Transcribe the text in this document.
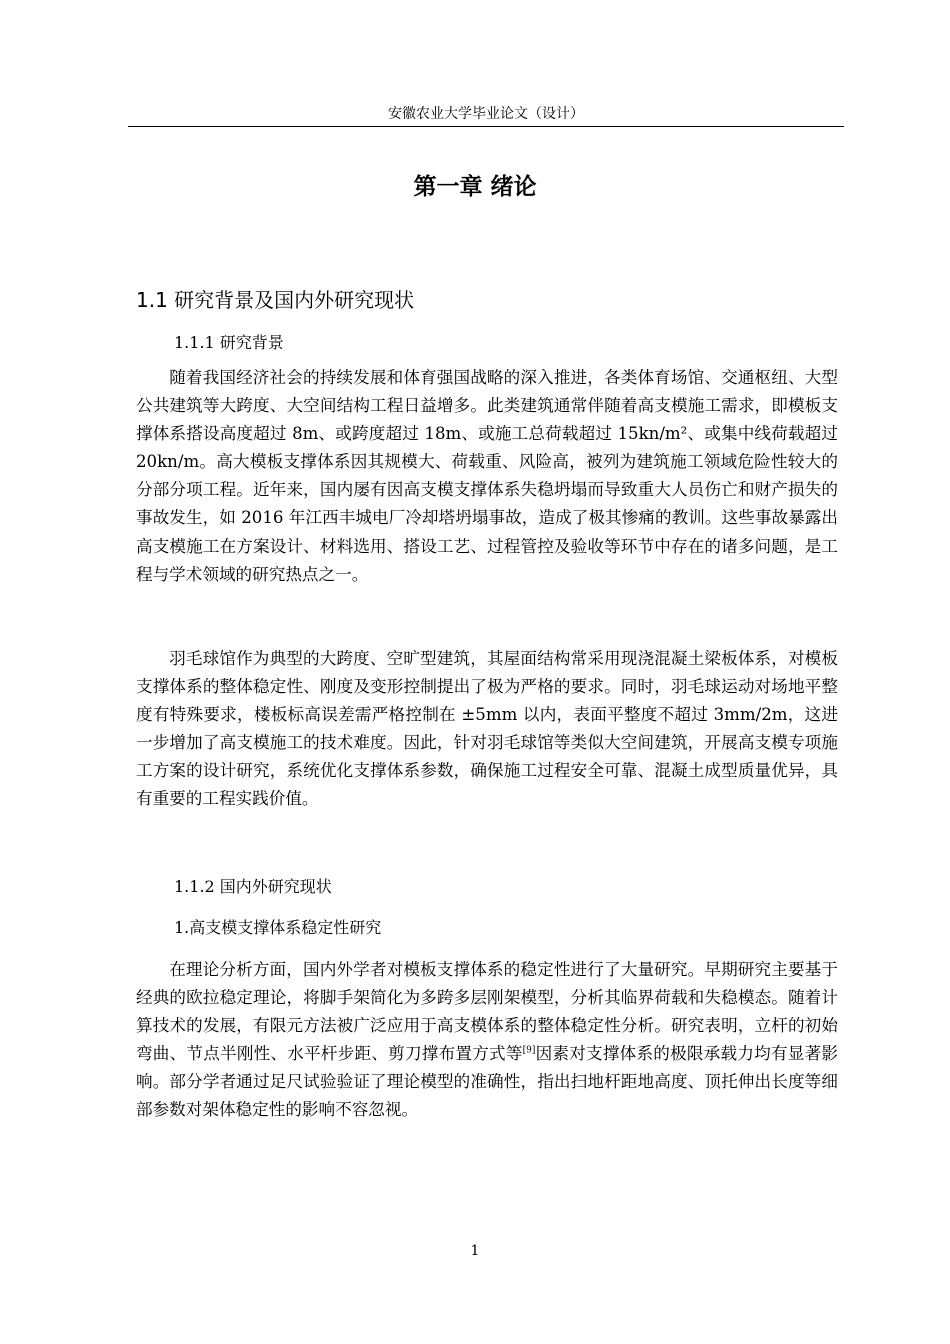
安徽农业大学毕业论文（设计）
第一章 绪论
1.1 研究背景及国内外研究现状
1.1.1 研究背景

随着我国经济社会的持续发展和体育强国战略的深入推进，各类体育场馆、交通枢纽、大型公共建筑等大跨度、大空间结构工程日益增多。此类建筑通常伴随着高支模施工需求，即模板支撑体系搭设高度超过 8m、或跨度超过 18m、或施工总荷载超过 15kn/m²、或集中线荷载超过 20kn/m。高大模板支撑体系因其规模大、荷载重、风险高，被列为建筑施工领域危险性较大的分部分项工程。近年来，国内屡有因高支模支撑体系失稳坍塌而导致重大人员伤亡和财产损失的事故发生，如 2016 年江西丰城电厂冷却塔坍塌事故，造成了极其惨痛的教训。这些事故暴露出高支模施工在方案设计、材料选用、搭设工艺、过程管控及验收等环节中存在的诸多问题，是工程与学术领域的研究热点之一。

羽毛球馆作为典型的大跨度、空旷型建筑，其屋面结构常采用现浇混凝土梁板体系，对模板支撑体系的整体稳定性、刚度及变形控制提出了极为严格的要求。同时，羽毛球运动对场地平整度有特殊要求，楼板标高误差需严格控制在 ±5mm 以内，表面平整度不超过 3mm/2m，这进一步增加了高支模施工的技术难度。因此，针对羽毛球馆等类似大空间建筑，开展高支模专项施工方案的设计研究，系统优化支撑体系参数，确保施工过程安全可靠、混凝土成型质量优异，具有重要的工程实践价值。

1.1.2 国内外研究现状
1.高支模支撑体系稳定性研究

在理论分析方面，国内外学者对模板支撑体系的稳定性进行了大量研究。早期研究主要基于经典的欧拉稳定理论，将脚手架简化为多跨多层刚架模型，分析其临界荷载和失稳模态。随着计算技术的发展，有限元方法被广泛应用于高支模体系的整体稳定性分析。研究表明，立杆的初始弯曲、节点半刚性、水平杆步距、剪刀撑布置方式等[9]因素对支撑体系的极限承载力均有显著影响。部分学者通过足尺试验验证了理论模型的准确性，指出扫地杆距地高度、顶托伸出长度等细部参数对架体稳定性的影响不容忽视。

1
